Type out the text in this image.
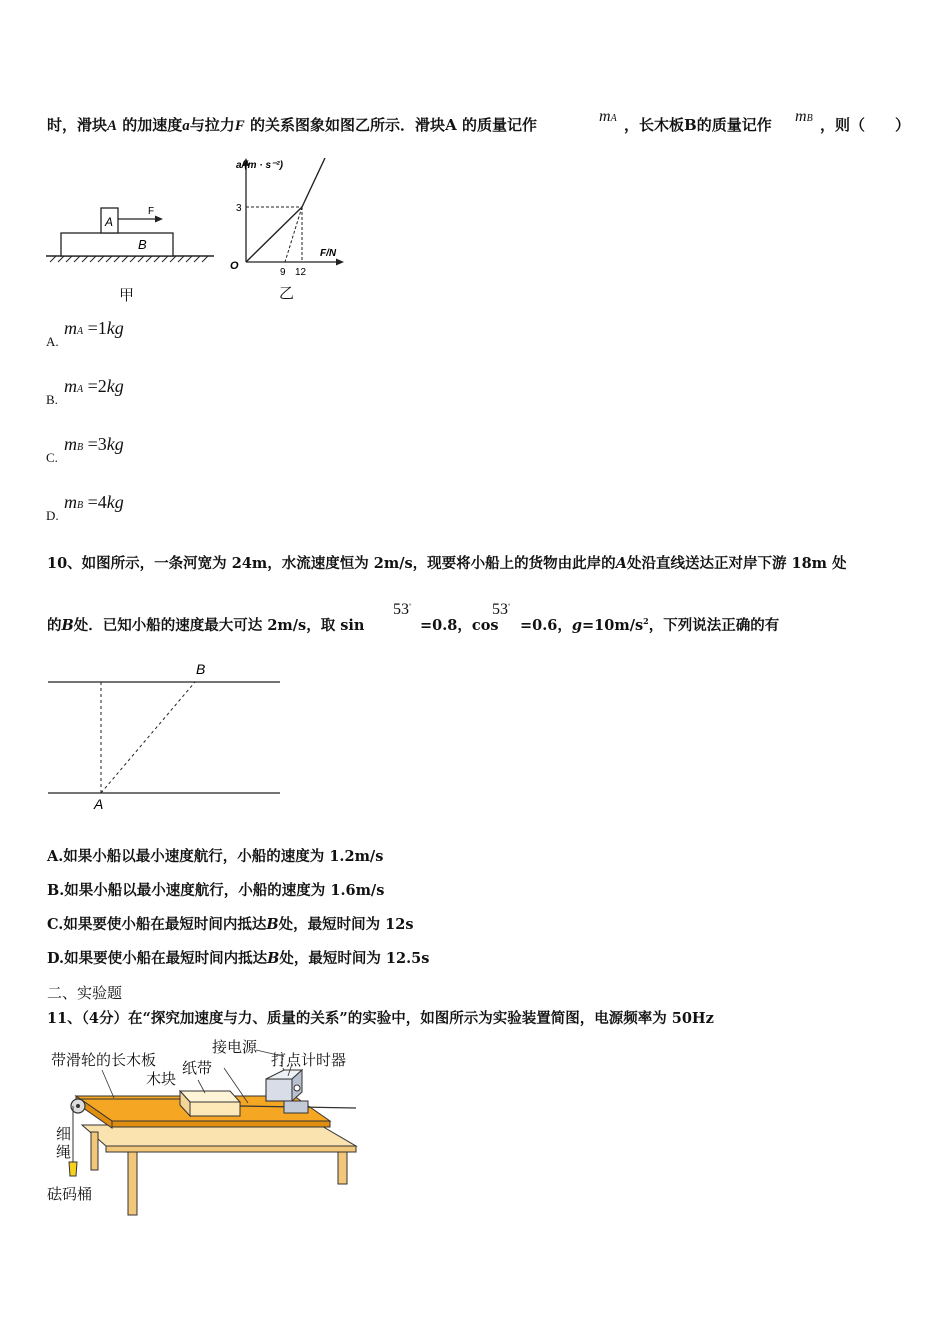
时，滑块A 的加速度a与拉力F 的关系图象如图乙所示．滑块A 的质量记作	mA ，长木板B的质量记作 mB ，则（　　）
A
F
B
甲
a/(m · s⁻²)
F/N
O
3
9 12
乙
A.
mA =1kg
B.
mA =2kg
C.
mB =3kg
D.
mB =4kg
10、如图所示，一条河宽为 24m，水流速度恒为 2m/s，现要将小船上的货物由此岸的A处沿直线送达正对岸下游 18m 处
的B处．已知小船的速度最大可达 2m/s，取 sin
53°
=0.8，cos
53°
=0.6，$g=10m/s^2$，下列说法正确的有
A
B
A.如果小船以最小速度航行，小船的速度为 1.2m/s
B.如果小船以最小速度航行，小船的速度为 1.6m/s
C.如果要使小船在最短时间内抵达B处，最短时间为 12s
D.如果要使小船在最短时间内抵达B处，最短时间为 12.5s
二、实验题
11、（4分）在“探究加速度与力、质量的关系”的实验中，如图所示为实验装置简图，电源频率为 50Hz
带滑轮的长木板
接电源
打点计时器
纸带
木块
细
绳
砝码桶
